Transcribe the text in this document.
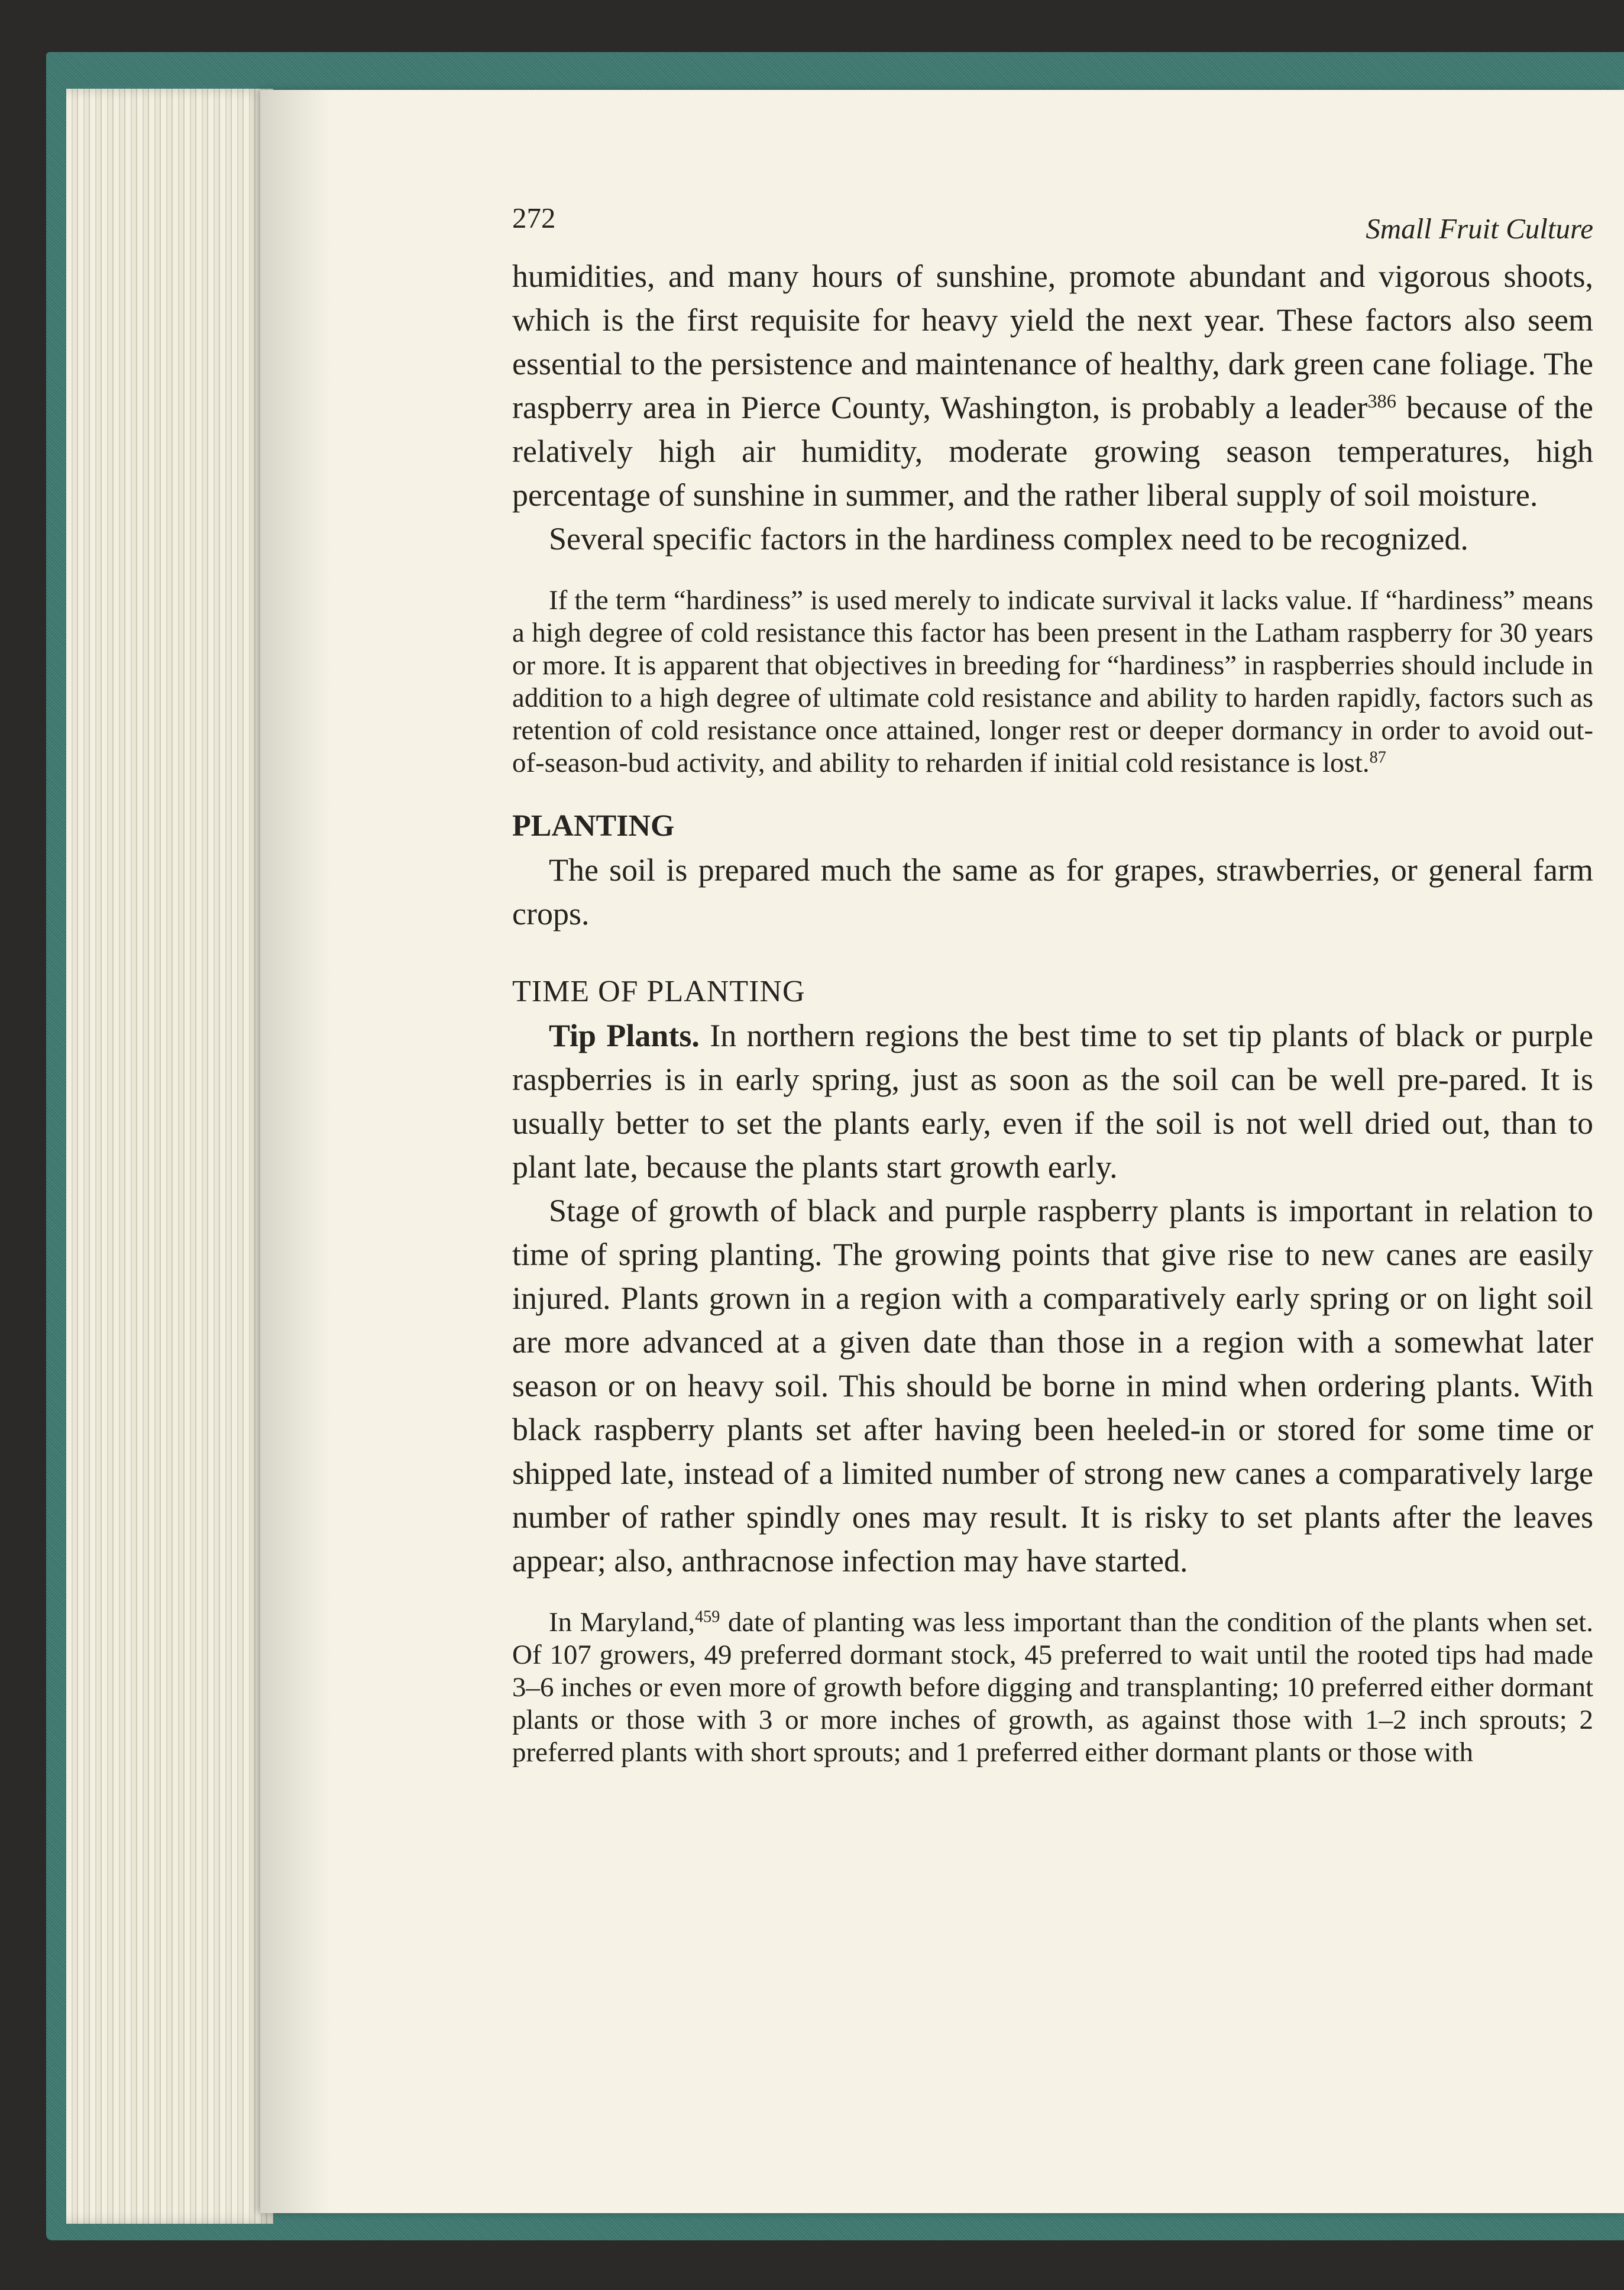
272	Small Fruit Culture

humidities, and many hours of sunshine, promote abundant and vigorous shoots, which is the first requisite for heavy yield the next year. These factors also seem essential to the persistence and maintenance of healthy, dark green cane foliage. The raspberry area in Pierce County, Washington, is probably a leader$^{386}$ because of the relatively high air humidity, moderate growing season temperatures, high percentage of sunshine in summer, and the rather liberal supply of soil moisture.

Several specific factors in the hardiness complex need to be recognized.

If the term “hardiness” is used merely to indicate survival it lacks value. If “hardiness” means a high degree of cold resistance this factor has been present in the Latham raspberry for 30 years or more. It is apparent that objectives in breeding for “hardiness” in raspberries should include in addition to a high degree of ultimate cold resistance and ability to harden rapidly, factors such as retention of cold resistance once attained, longer rest or deeper dormancy in order to avoid out-of-season-bud activity, and ability to reharden if initial cold resistance is lost.$^{87}$

PLANTING

The soil is prepared much the same as for grapes, strawberries, or general farm crops.

TIME OF PLANTING

Tip Plants. In northern regions the best time to set tip plants of black or purple raspberries is in early spring, just as soon as the soil can be well pre-pared. It is usually better to set the plants early, even if the soil is not well dried out, than to plant late, because the plants start growth early.

Stage of growth of black and purple raspberry plants is important in relation to time of spring planting. The growing points that give rise to new canes are easily injured. Plants grown in a region with a comparatively early spring or on light soil are more advanced at a given date than those in a region with a somewhat later season or on heavy soil. This should be borne in mind when ordering plants. With black raspberry plants set after having been heeled-in or stored for some time or shipped late, instead of a limited number of strong new canes a comparatively large number of rather spindly ones may result. It is risky to set plants after the leaves appear; also, anthracnose infection may have started.

In Maryland,$^{459}$ date of planting was less important than the condition of the plants when set. Of 107 growers, 49 preferred dormant stock, 45 preferred to wait until the rooted tips had made 3–6 inches or even more of growth before digging and transplanting; 10 preferred either dormant plants or those with 3 or more inches of growth, as against those with 1–2 inch sprouts; 2 preferred plants with short sprouts; and 1 preferred either dormant plants or those with
